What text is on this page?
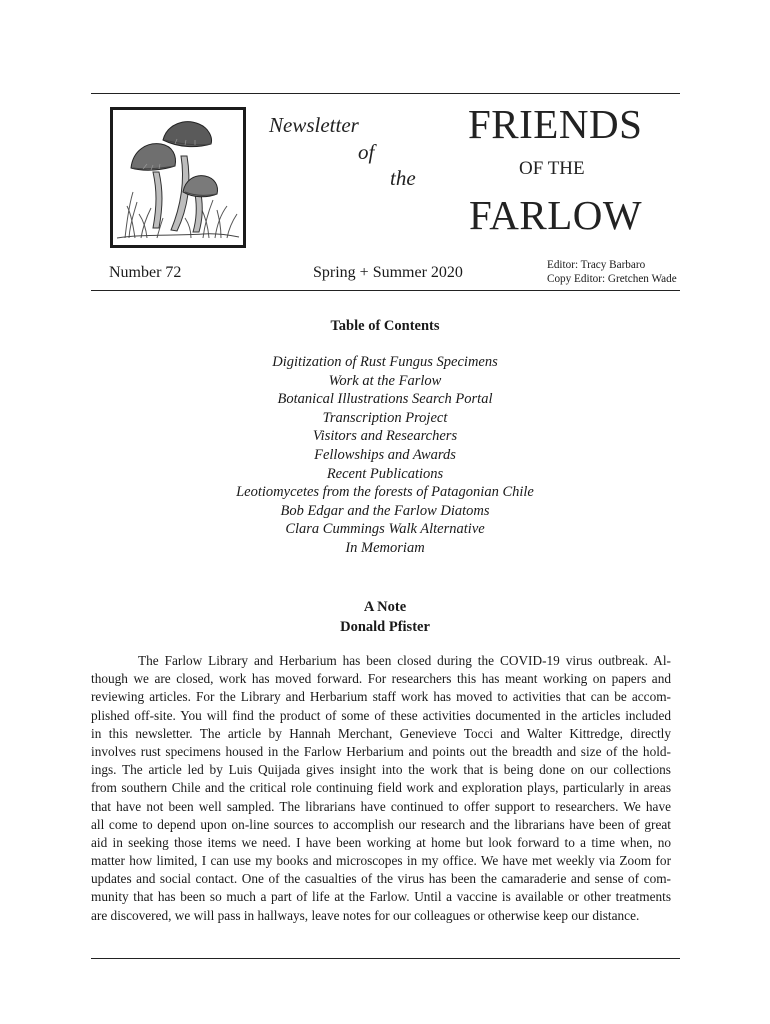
Newsletter
of
the
FRIENDS
OF THE
FARLOW
Number 72	Spring + Summer 2020	Editor: Tracy Barbaro
Copy Editor: Gretchen Wade
Table of Contents
Digitization of Rust Fungus Specimens
Work at the Farlow
Botanical Illustrations Search Portal
Transcription Project
Visitors and Researchers
Fellowships and Awards
Recent Publications
Leotiomycetes from the forests of Patagonian Chile
Bob Edgar and the Farlow Diatoms
Clara Cummings Walk Alternative
In Memoriam
A Note
Donald Pfister
The Farlow Library and Herbarium has been closed during the COVID-19 virus outbreak. Al-
though we are closed, work has moved forward. For researchers this has meant working on papers and
reviewing articles. For the Library and Herbarium staff work has moved to activities that can be accom-
plished off-site. You will find the product of some of these activities documented in the articles included
in this newsletter. The article by Hannah Merchant, Genevieve Tocci and Walter Kittredge, directly
involves rust specimens housed in the Farlow Herbarium and points out the breadth and size of the hold-
ings. The article led by Luis Quijada gives insight into the work that is being done on our collections
from southern Chile and the critical role continuing field work and exploration plays, particularly in areas
that have not been well sampled. The librarians have continued to offer support to researchers. We have
all come to depend upon on-line sources to accomplish our research and the librarians have been of great
aid in seeking those items we need. I have been working at home but look forward to a time when, no
matter how limited, I can use my books and microscopes in my office. We have met weekly via Zoom for
updates and social contact. One of the casualties of the virus has been the camaraderie and sense of com-
munity that has been so much a part of life at the Farlow. Until a vaccine is available or other treatments
are discovered, we will pass in hallways, leave notes for our colleagues or otherwise keep our distance.
